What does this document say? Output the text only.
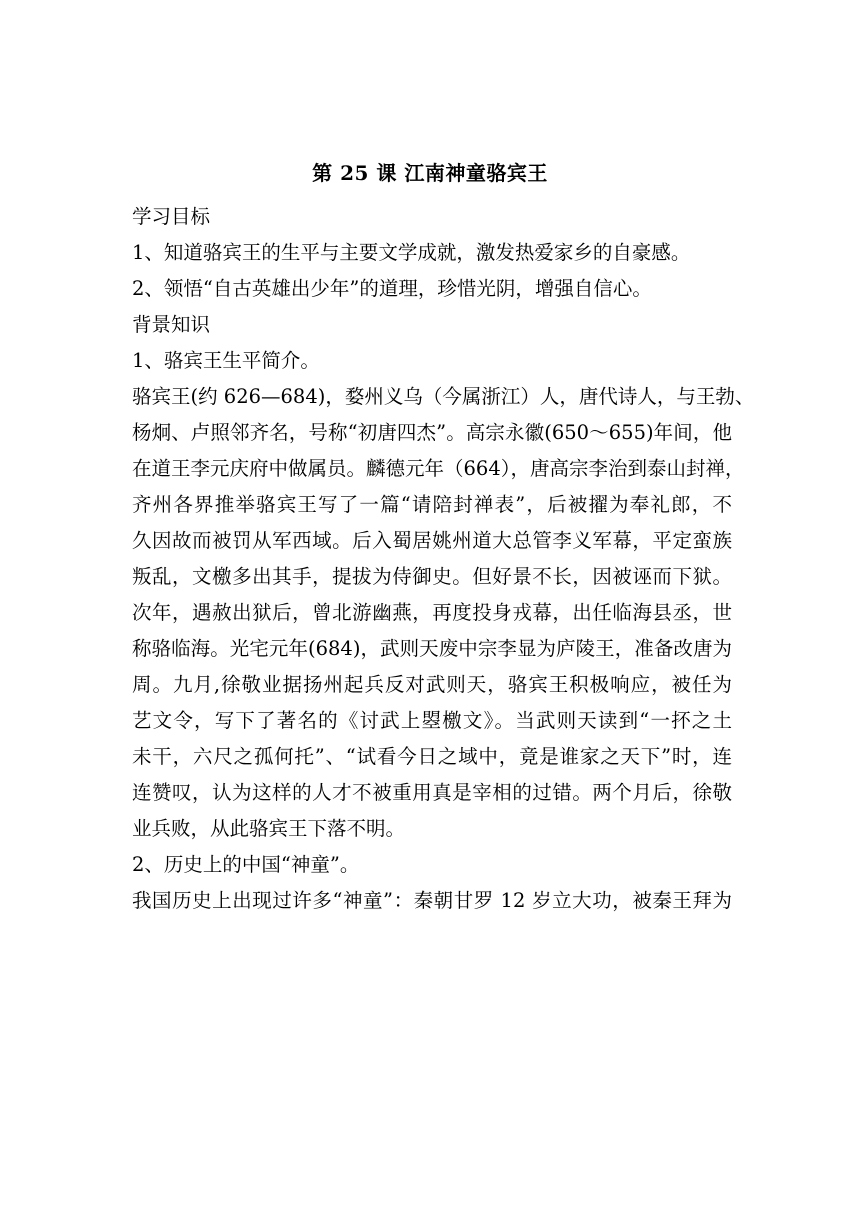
第 25 课 江南神童骆宾王
学习目标
1、知道骆宾王的生平与主要文学成就，激发热爱家乡的自豪感。
2、领悟“自古英雄出少年”的道理，珍惜光阴，增强自信心。
背景知识
1、骆宾王生平简介。
骆宾王(约 626—684)，婺州义乌（今属浙江）人，唐代诗人，与王勃、
杨炯、卢照邻齐名，号称“初唐四杰”。高宗永徽(650～655)年间，他
在道王李元庆府中做属员。麟德元年（664），唐高宗李治到泰山封禅，
齐州各界推举骆宾王写了一篇“请陪封禅表”，后被擢为奉礼郎，不
久因故而被罚从军西域。后入蜀居姚州道大总管李义军幕，平定蛮族
叛乱，文檄多出其手，提拔为侍御史。但好景不长，因被诬而下狱。
次年，遇赦出狱后，曾北游幽燕，再度投身戎幕，出任临海县丞，世
称骆临海。光宅元年(684)，武则天废中宗李显为庐陵王，准备改唐为
周。九月,徐敬业据扬州起兵反对武则天，骆宾王积极响应，被任为
艺文令，写下了著名的《讨武上曌檄文》。当武则天读到“一抔之土
未干，六尺之孤何托”、“试看今日之域中，竟是谁家之天下”时，连
连赞叹，认为这样的人才不被重用真是宰相的过错。两个月后，徐敬
业兵败，从此骆宾王下落不明。
2、历史上的中国“神童”。
我国历史上出现过许多“神童”：秦朝甘罗 12 岁立大功，被秦王拜为
